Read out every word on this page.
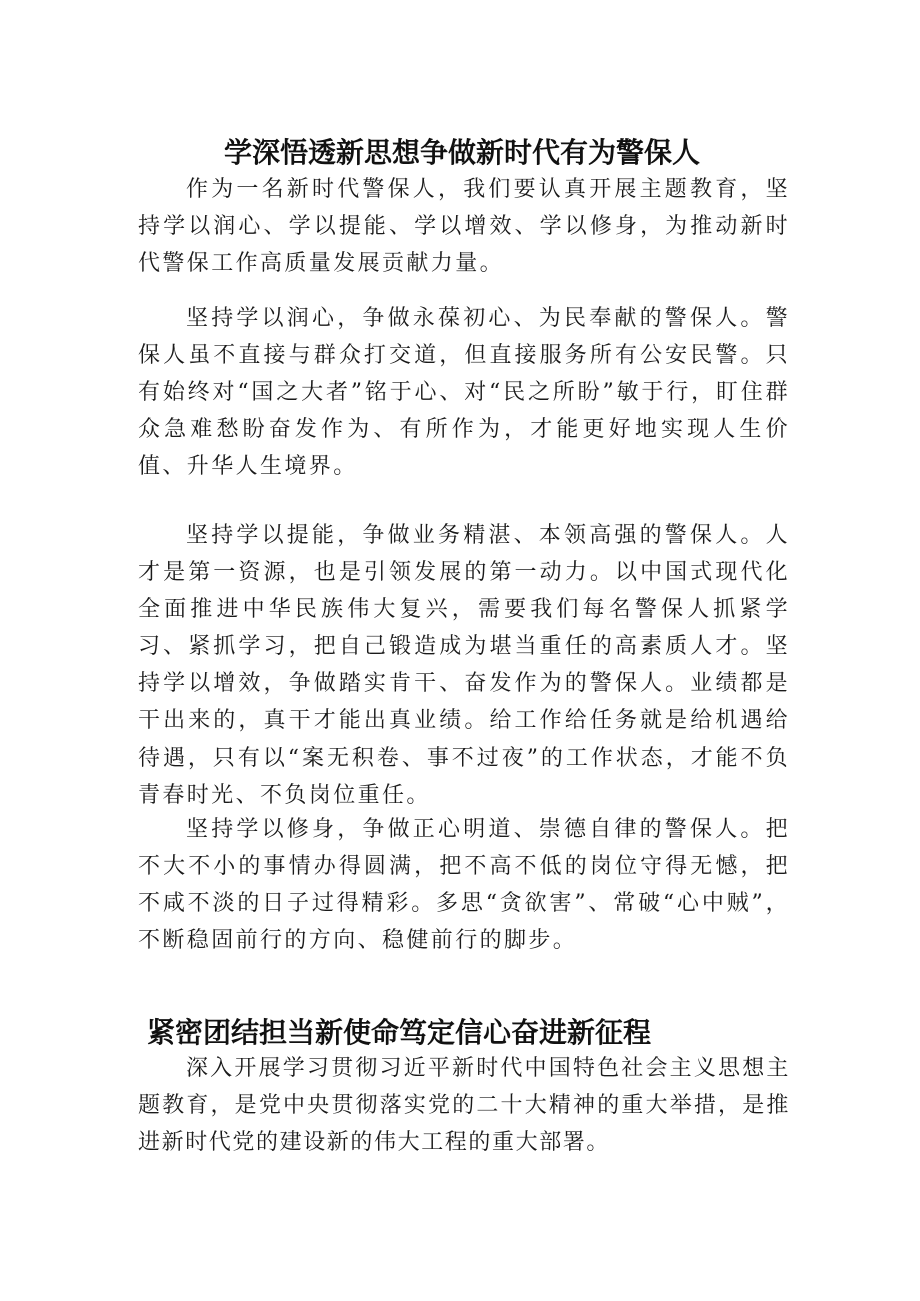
学深悟透新思想争做新时代有为警保人

作为一名新时代警保人，我们要认真开展主题教育，坚持学以润心、学以提能、学以增效、学以修身，为推动新时代警保工作高质量发展贡献力量。

坚持学以润心，争做永葆初心、为民奉献的警保人。警保人虽不直接与群众打交道，但直接服务所有公安民警。只有始终对“国之大者”铭于心、对“民之所盼”敏于行，盯住群众急难愁盼奋发作为、有所作为，才能更好地实现人生价值、升华人生境界。

坚持学以提能，争做业务精湛、本领高强的警保人。人才是第一资源，也是引领发展的第一动力。以中国式现代化全面推进中华民族伟大复兴，需要我们每名警保人抓紧学习、紧抓学习，把自己锻造成为堪当重任的高素质人才。坚持学以增效，争做踏实肯干、奋发作为的警保人。业绩都是干出来的，真干才能出真业绩。给工作给任务就是给机遇给待遇，只有以“案无积卷、事不过夜”的工作状态，才能不负青春时光、不负岗位重任。

坚持学以修身，争做正心明道、崇德自律的警保人。把不大不小的事情办得圆满，把不高不低的岗位守得无憾，把不咸不淡的日子过得精彩。多思“贪欲害”、常破“心中贼”，不断稳固前行的方向、稳健前行的脚步。

紧密团结担当新使命笃定信心奋进新征程

深入开展学习贯彻习近平新时代中国特色社会主义思想主题教育，是党中央贯彻落实党的二十大精神的重大举措，是推进新时代党的建设新的伟大工程的重大部署。
